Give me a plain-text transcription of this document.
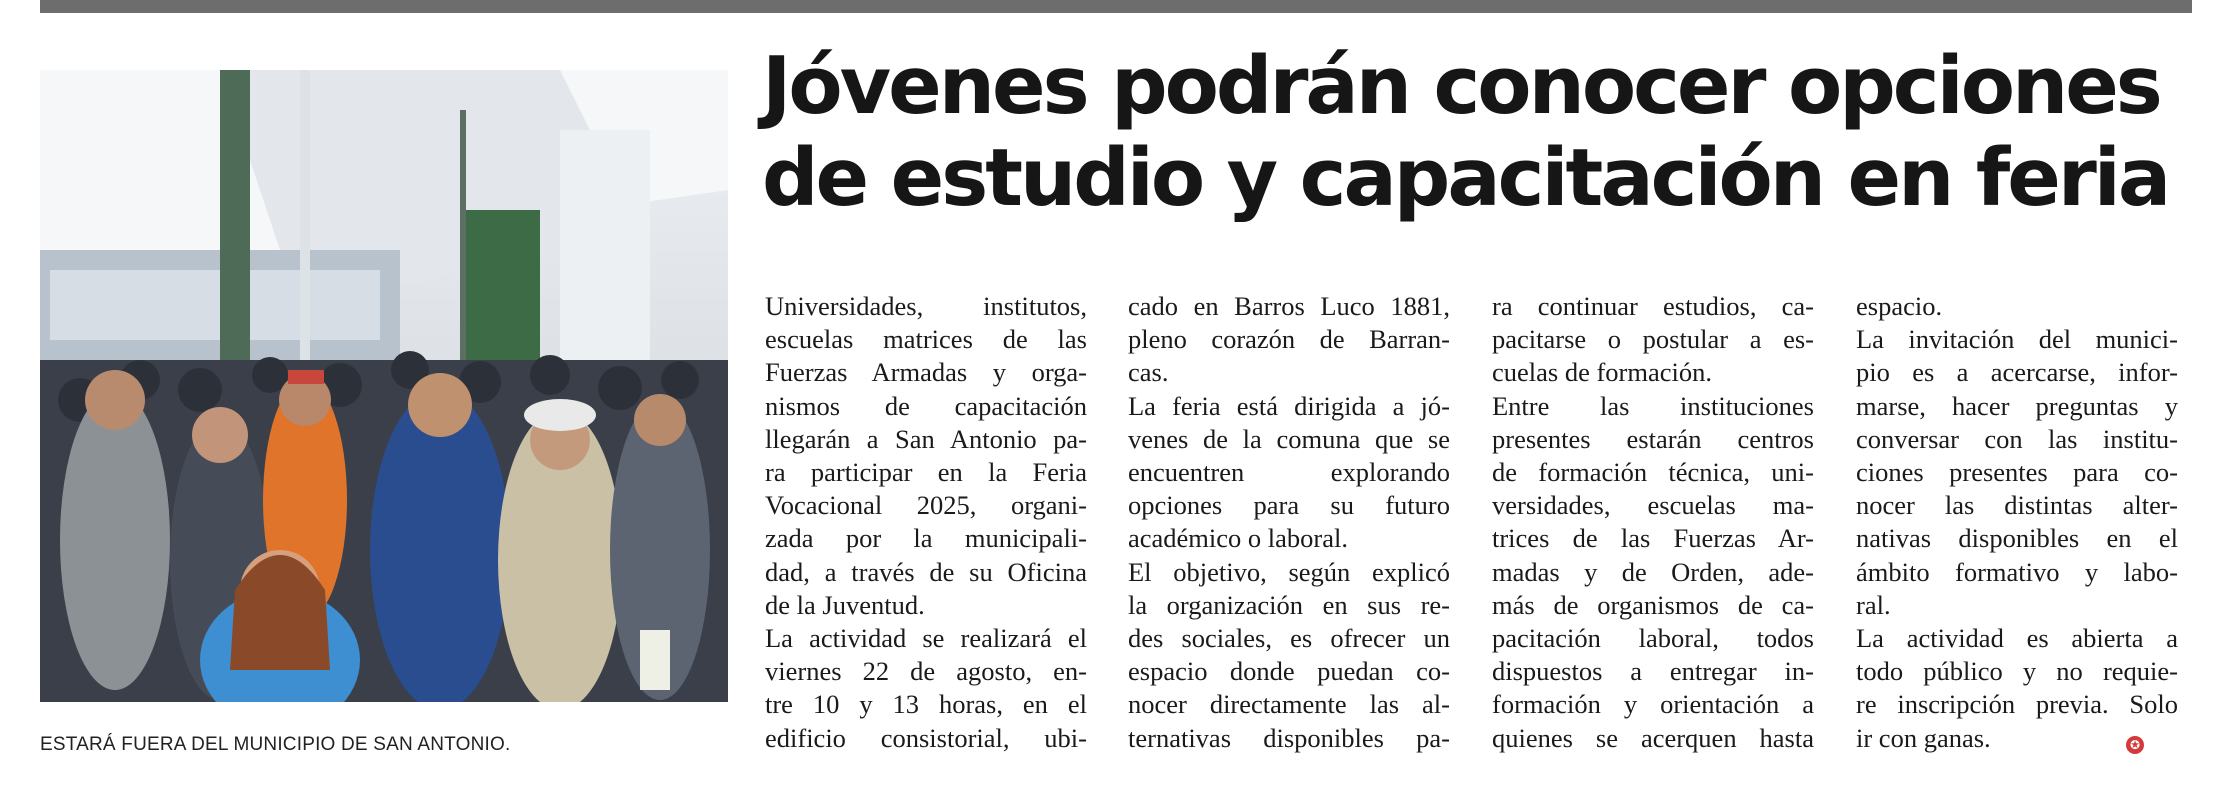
ESTARÁ FUERA DEL MUNICIPIO DE SAN ANTONIO.
Jóvenes podrán conocer opciones
de estudio y capacitación en feria
Universidades, institutos,
escuelas matrices de las
Fuerzas Armadas y orga-
nismos de capacitación
llegarán a San Antonio pa-
ra participar en la Feria
Vocacional 2025, organi-
zada por la municipali-
dad, a través de su Oficina
de la Juventud.
La actividad se realizará el
viernes 22 de agosto, en-
tre 10 y 13 horas, en el
edificio consistorial, ubi-
cado en Barros Luco 1881,
pleno corazón de Barran-
cas.
La feria está dirigida a jó-
venes de la comuna que se
encuentren explorando
opciones para su futuro
académico o laboral.
El objetivo, según explicó
la organización en sus re-
des sociales, es ofrecer un
espacio donde puedan co-
nocer directamente las al-
ternativas disponibles pa-
ra continuar estudios, ca-
pacitarse o postular a es-
cuelas de formación.
Entre las instituciones
presentes estarán centros
de formación técnica, uni-
versidades, escuelas ma-
trices de las Fuerzas Ar-
madas y de Orden, ade-
más de organismos de ca-
pacitación laboral, todos
dispuestos a entregar in-
formación y orientación a
quienes se acerquen hasta
espacio.
La invitación del munici-
pio es a acercarse, infor-
marse, hacer preguntas y
conversar con las institu-
ciones presentes para co-
nocer las distintas alter-
nativas disponibles en el
ámbito formativo y labo-
ral.
La actividad es abierta a
todo público y no requie-
re inscripción previa. Solo
ir con ganas.	✪
